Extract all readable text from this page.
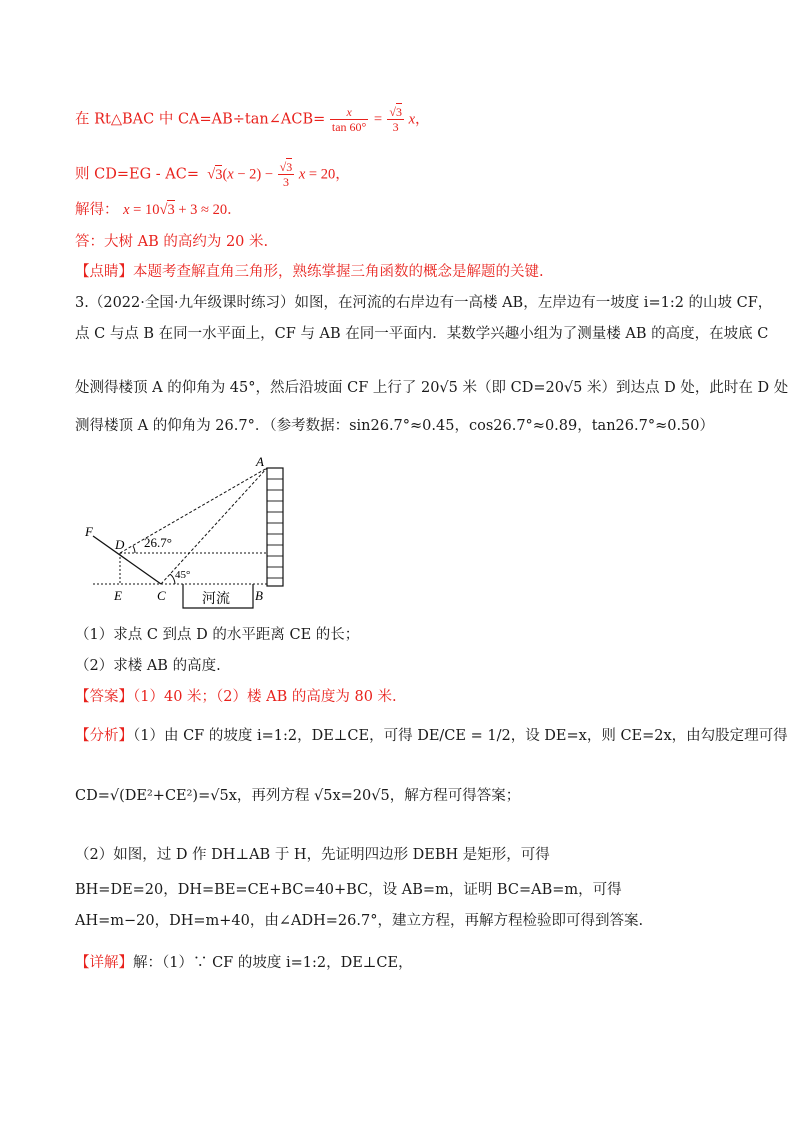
在 Rt△BAC 中 CA=AB÷tan∠ACB= $\frac{x}{\tan 60^\circ} = \frac{√3}{3}$ x，
则 $CD=EG - AC= √3(x - 2) - \frac{√3}{3}$ x = 20，
解得： x = 10√3 + 3 ≈ 20．
答：大树 AB 的高约为 20 米.
【点睛】本题考查解直角三角形，熟练掌握三角函数的概念是解题的关键.
3.（2022·全国·九年级课时练习）如图，在河流的右岸边有一高楼 AB，左岸边有一坡度 i=1:2 的山坡 CF，
点 C 与点 B 在同一水平面上，CF 与 AB 在同一平面内．某数学兴趣小组为了测量楼 AB 的高度，在坡底 C
处测得楼顶 A 的仰角为 45°，然后沿坡面 CF 上行了 20√5 米（即 CD=20√5 米）到达点 D 处，此时在 D 处
测得楼顶 A 的仰角为 26.7°．（参考数据：sin26.7°≈0.45，cos26.7°≈0.89，tan26.7°≈0.50）
河流
A
F
D
E	C	B
26.7°
45°
（1）求点 C 到点 D 的水平距离 CE 的长；
（2）求楼 AB 的高度.
【答案】（1）40 米；（2）楼 AB 的高度为 80 米.
【分析】（1）由 CF 的坡度 i=1:2，DE⊥CE，可得 DE/CE = 1/2，设 DE=x，则 CE=2x，由勾股定理可得
CD=√(DE²+CE²)=√5x，再列方程 √5x=20√5，解方程可得答案；
（2）如图，过 D 作 DH⊥AB 于 H，先证明四边形 DEBH 是矩形，可得
BH=DE=20，DH=BE=CE+BC=40+BC，设 AB=m，证明 BC=AB=m，可得
AH=m−20，DH=m+40，由∠ADH=26.7°，建立方程，再解方程检验即可得到答案.
【详解】解：（1）∵ CF 的坡度 i=1:2，DE⊥CE，
